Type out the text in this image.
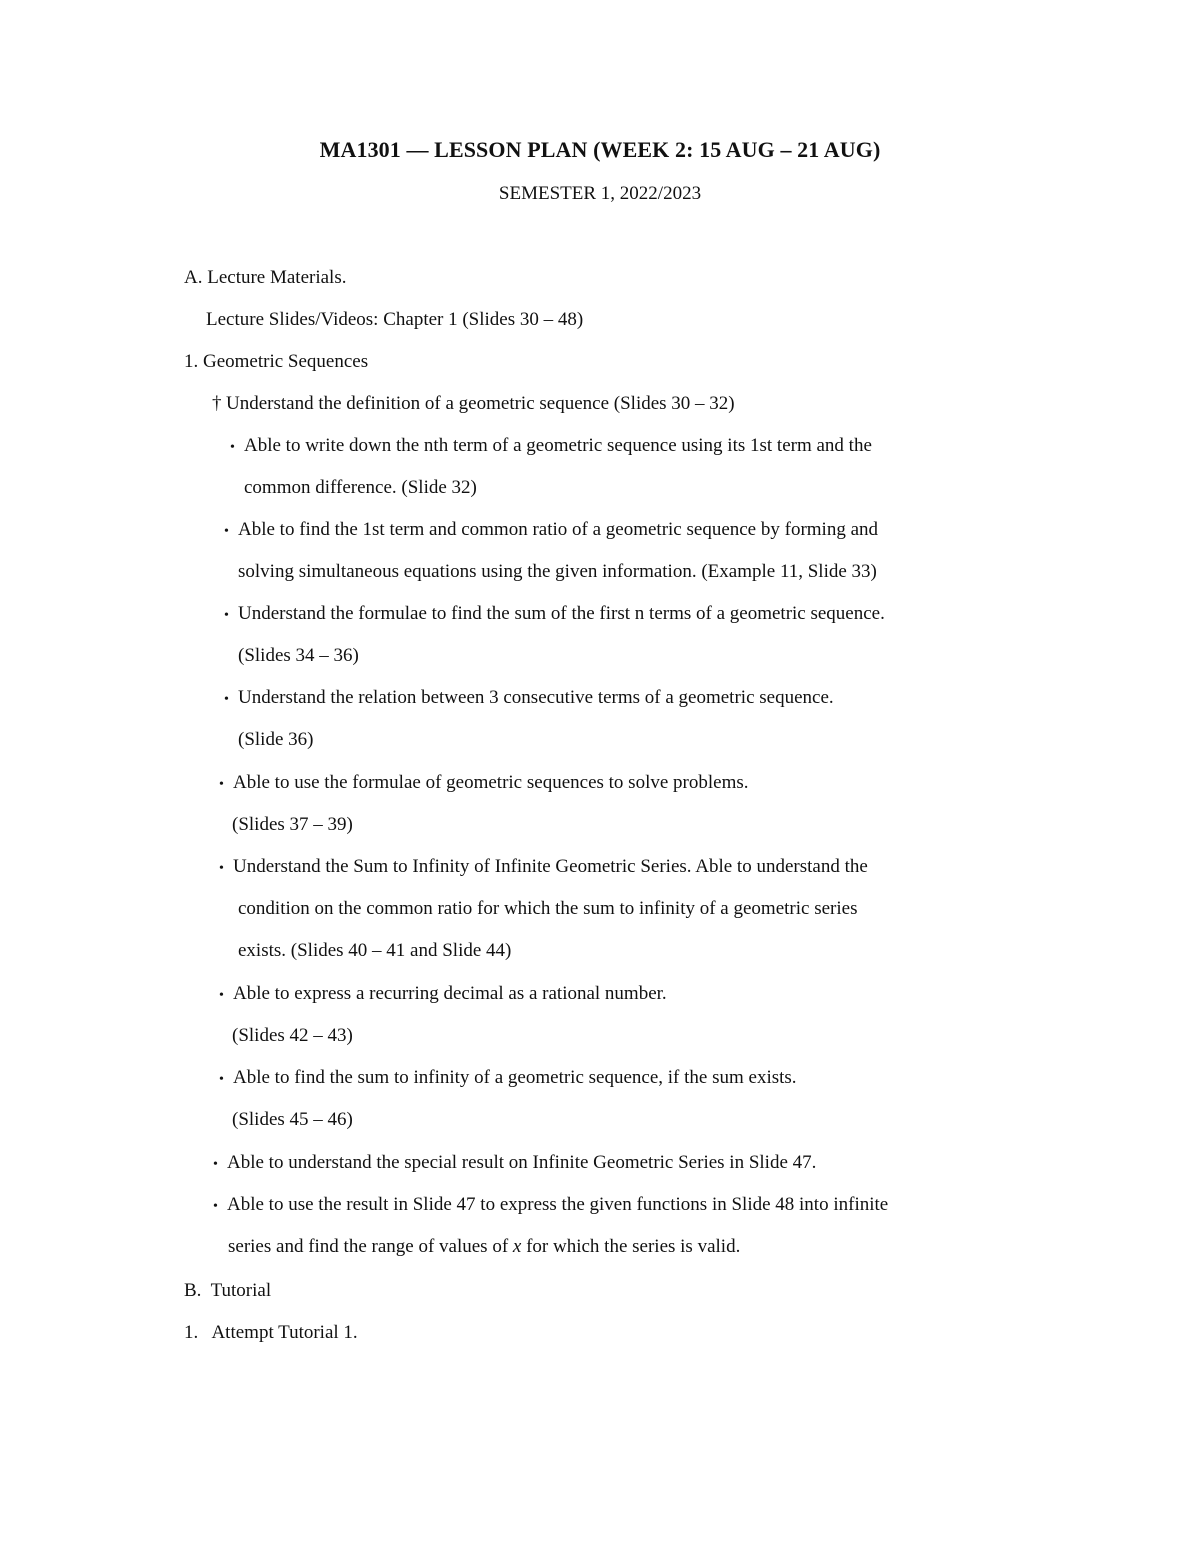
MA1301 — LESSON PLAN (WEEK 2: 15 AUG – 21 AUG)
SEMESTER 1, 2022/2023
A. Lecture Materials.
Lecture Slides/Videos: Chapter 1 (Slides 30 – 48)
1. Geometric Sequences
† Understand the definition of a geometric sequence (Slides 30 – 32)
• Able to write down the nth term of a geometric sequence using its 1st term and the
common difference. (Slide 32)
• Able to find the 1st term and common ratio of a geometric sequence by forming and
solving simultaneous equations using the given information. (Example 11, Slide 33)
• Understand the formulae to find the sum of the first n terms of a geometric sequence.
(Slides 34 – 36)
• Understand the relation between 3 consecutive terms of a geometric sequence.
(Slide 36)
• Able to use the formulae of geometric sequences to solve problems.
(Slides 37 – 39)
• Understand the Sum to Infinity of Infinite Geometric Series. Able to understand the
condition on the common ratio for which the sum to infinity of a geometric series
exists. (Slides 40 – 41 and Slide 44)
• Able to express a recurring decimal as a rational number.
(Slides 42 – 43)
• Able to find the sum to infinity of a geometric sequence, if the sum exists.
(Slides 45 – 46)
• Able to understand the special result on Infinite Geometric Series in Slide 47.
• Able to use the result in Slide 47 to express the given functions in Slide 48 into infinite
series and find the range of values of x for which the series is valid.
B.  Tutorial
1.   Attempt Tutorial 1.
